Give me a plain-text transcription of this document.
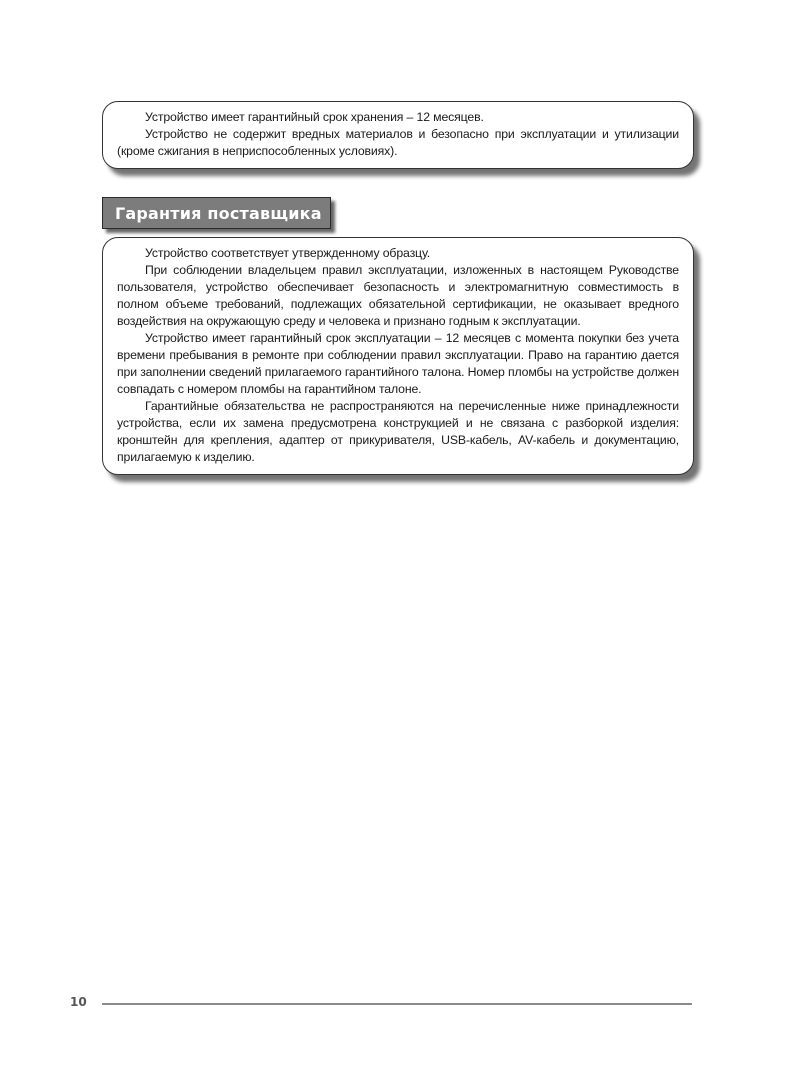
Устройство имеет гарантийный срок хранения – 12 месяцев.

Устройство не содержит вредных материалов и безопасно при эксплуатации и утилизации (кроме сжигания в неприспособленных условиях).

Гарантия поставщика

Устройство соответствует утвержденному образцу.

При соблюдении владельцем правил эксплуатации, изложенных в настоящем Руководстве пользователя, устройство обеспечивает безопасность и электромагнитную совместимость в полном объеме требований, подлежащих обязательной сертификации, не оказывает вредного воздействия на окружающую среду и человека и признано годным к эксплуатации.

Устройство имеет гарантийный срок эксплуатации – 12 месяцев с момента покупки без учета времени пребывания в ремонте при соблюдении правил эксплуатации. Право на гарантию дается при заполнении сведений прилагаемого гарантийного талона. Номер пломбы на устройстве должен совпадать с номером пломбы на гарантийном талоне.

Гарантийные обязательства не распространяются на перечисленные ниже принадлежности устройства, если их замена предусмотрена конструкцией и не связана с разборкой изделия: кронштейн для крепления, адаптер от прикуривателя, USB-кабель, AV-кабель и документацию, прилагаемую к изделию.

10
